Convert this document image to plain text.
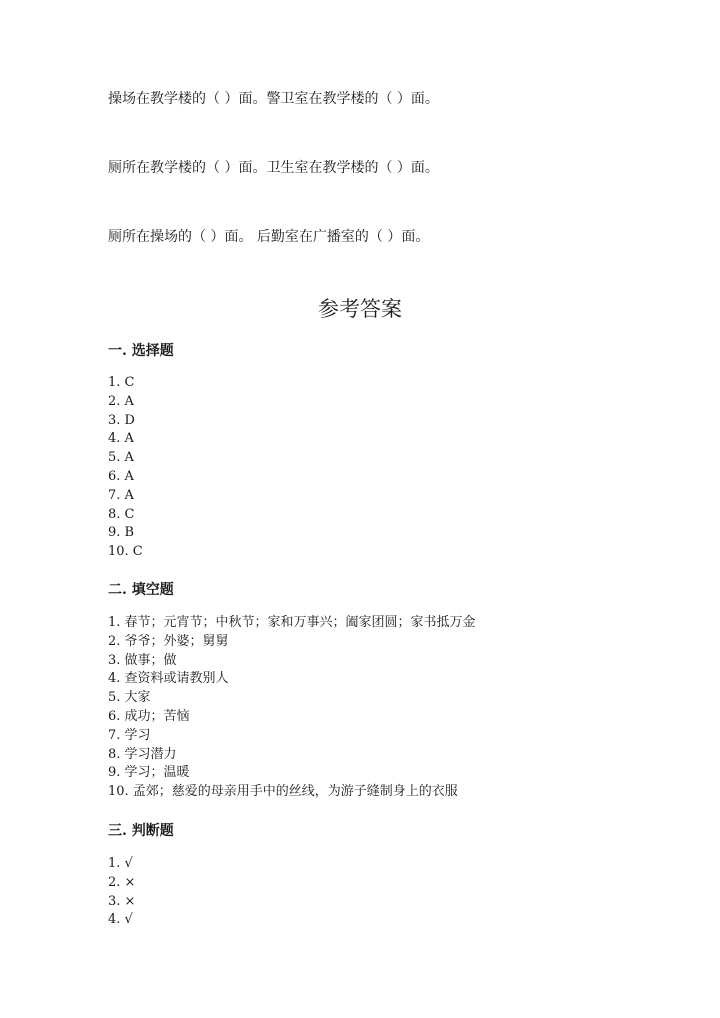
操场在教学楼的（ ）面。警卫室在教学楼的（ ）面。

厕所在教学楼的（ ）面。卫生室在教学楼的（ ）面。

厕所在操场的（ ）面。 后勤室在广播室的（ ）面。

参考答案
一. 选择题
1. C
2. A
3. D
4. A
5. A
6. A
7. A
8. C
9. B
10. C
二. 填空题
1. 春节；元宵节；中秋节；家和万事兴；阖家团圆；家书抵万金
2. 爷爷；外婆；舅舅
3. 做事；做
4. 查资料或请教别人
5. 大家
6. 成功；苦恼
7. 学习
8. 学习潜力
9. 学习；温暖
10. 孟郊；慈爱的母亲用手中的丝线，为游子缝制身上的衣服
三. 判断题
1. √
2. ×
3. ×
4. √
